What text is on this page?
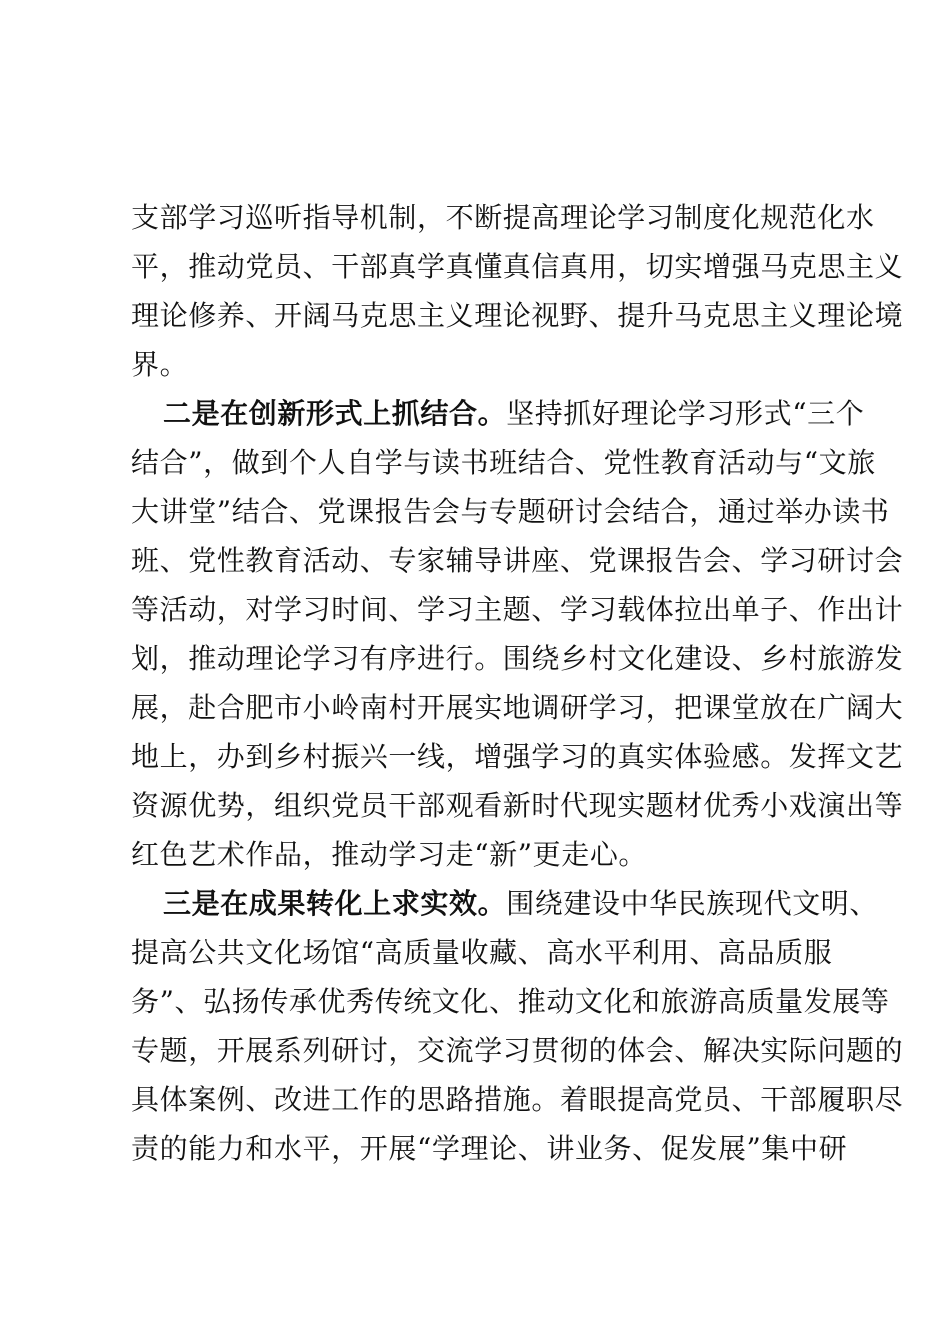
支部学习巡听指导机制，不断提高理论学习制度化规范化水
平，推动党员、干部真学真懂真信真用，切实增强马克思主义
理论修养、开阔马克思主义理论视野、提升马克思主义理论境
界。
二是在创新形式上抓结合。坚持抓好理论学习形式“三个
结合”，做到个人自学与读书班结合、党性教育活动与“文旅
大讲堂”结合、党课报告会与专题研讨会结合，通过举办读书
班、党性教育活动、专家辅导讲座、党课报告会、学习研讨会
等活动，对学习时间、学习主题、学习载体拉出单子、作出计
划，推动理论学习有序进行。围绕乡村文化建设、乡村旅游发
展，赴合肥市小岭南村开展实地调研学习，把课堂放在广阔大
地上，办到乡村振兴一线，增强学习的真实体验感。发挥文艺
资源优势，组织党员干部观看新时代现实题材优秀小戏演出等
红色艺术作品，推动学习走“新”更走心。
三是在成果转化上求实效。围绕建设中华民族现代文明、
提高公共文化场馆“高质量收藏、高水平利用、高品质服
务”、弘扬传承优秀传统文化、推动文化和旅游高质量发展等
专题，开展系列研讨，交流学习贯彻的体会、解决实际问题的
具体案例、改进工作的思路措施。着眼提高党员、干部履职尽
责的能力和水平，开展“学理论、讲业务、促发展”集中研
